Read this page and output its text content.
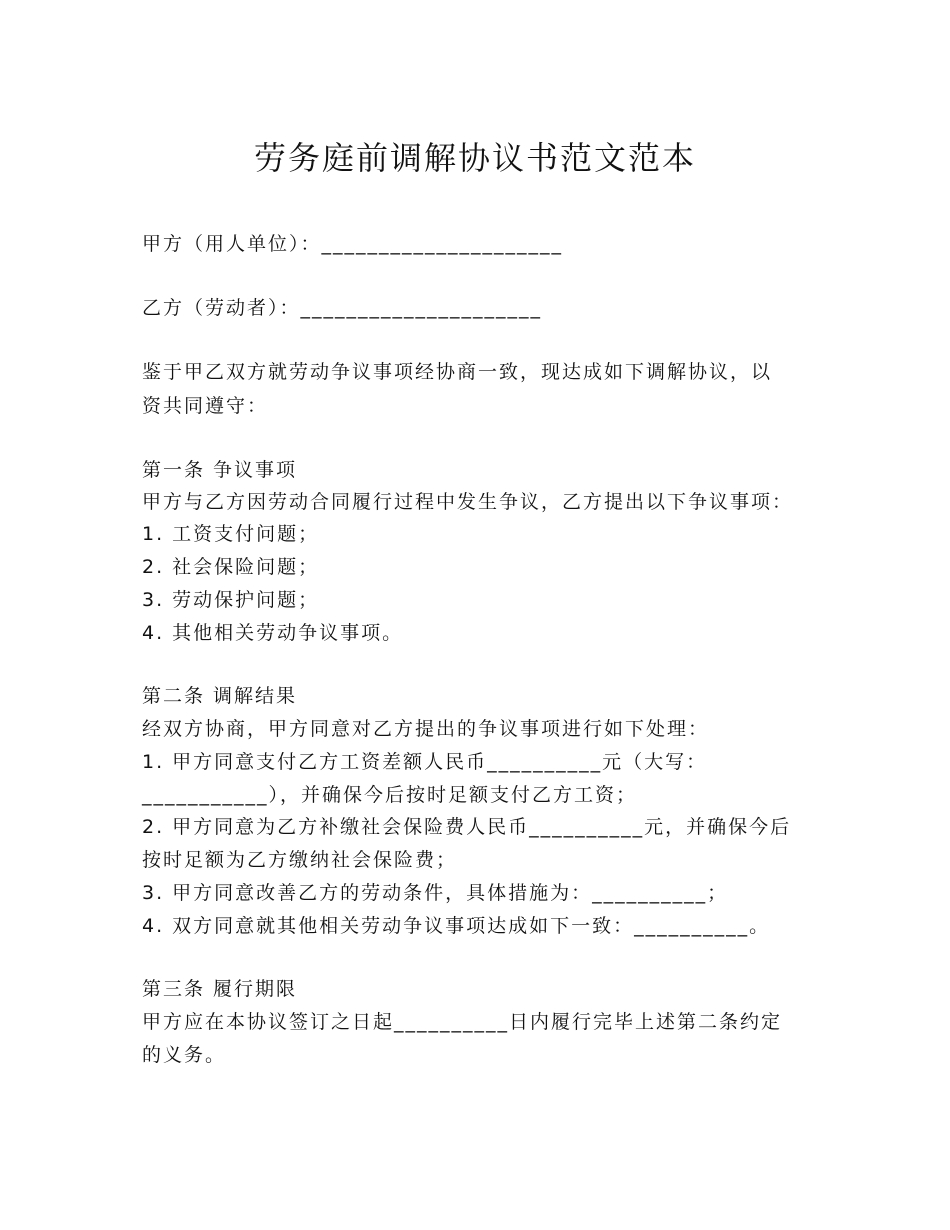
劳务庭前调解协议书范文范本
甲方（用人单位）：_____________________
乙方（劳动者）：_____________________
鉴于甲乙双方就劳动争议事项经协商一致，现达成如下调解协议，以
资共同遵守：
第一条 争议事项
甲方与乙方因劳动合同履行过程中发生争议，乙方提出以下争议事项：
1. 工资支付问题；
2. 社会保险问题；
3. 劳动保护问题；
4. 其他相关劳动争议事项。
第二条 调解结果
经双方协商，甲方同意对乙方提出的争议事项进行如下处理：
1. 甲方同意支付乙方工资差额人民币__________元（大写：
___________），并确保今后按时足额支付乙方工资；
2. 甲方同意为乙方补缴社会保险费人民币__________元，并确保今后
按时足额为乙方缴纳社会保险费；
3. 甲方同意改善乙方的劳动条件，具体措施为：__________；
4. 双方同意就其他相关劳动争议事项达成如下一致：__________。
第三条 履行期限
甲方应在本协议签订之日起__________日内履行完毕上述第二条约定
的义务。
